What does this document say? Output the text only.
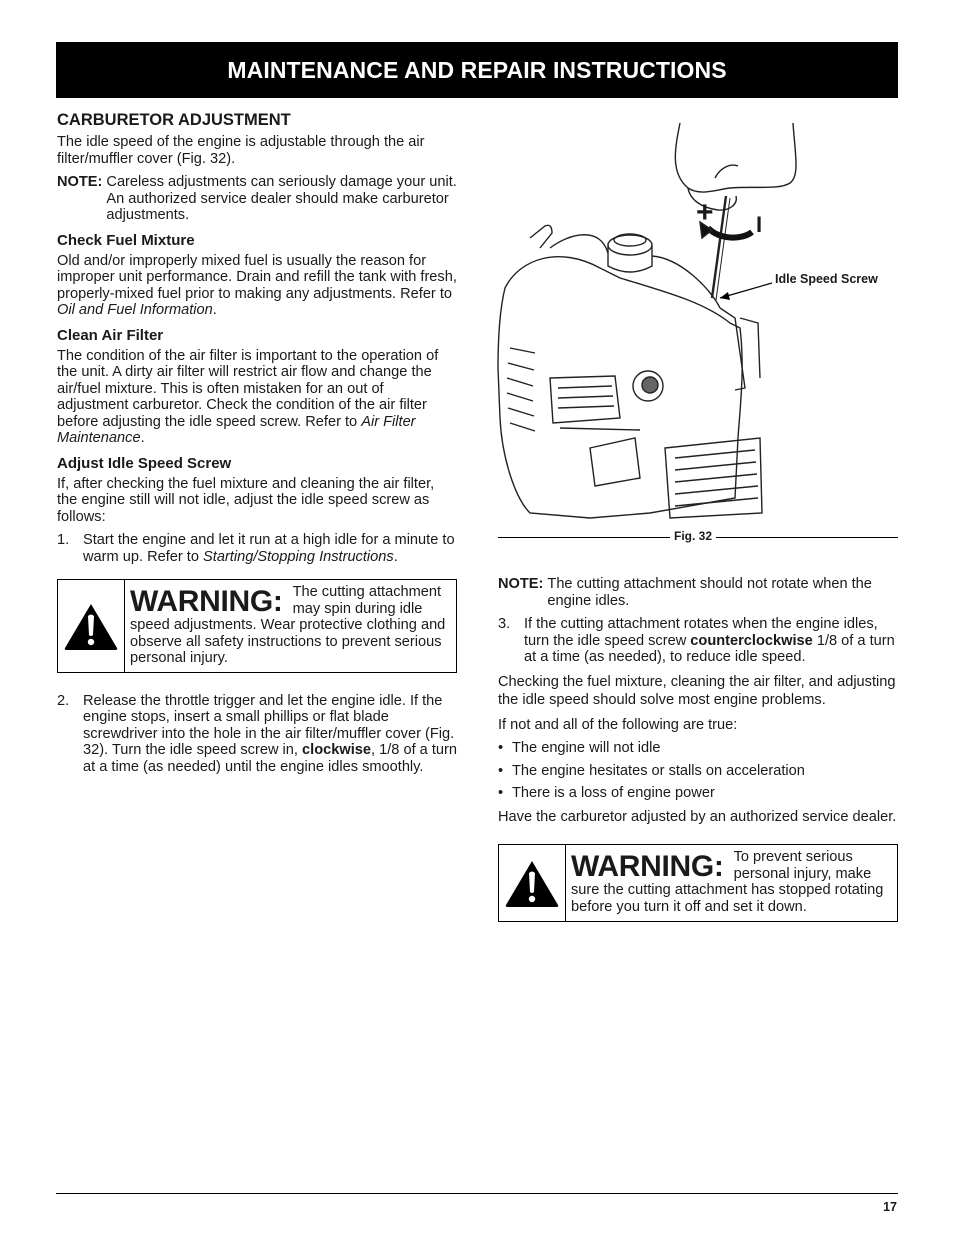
MAINTENANCE AND REPAIR INSTRUCTIONS
CARBURETOR ADJUSTMENT

The idle speed of the engine is adjustable through the air filter/muffler cover (Fig. 32).

NOTE: Careless adjustments can seriously damage your unit. An authorized service dealer should make carburetor adjustments.
Check Fuel Mixture

Old and/or improperly mixed fuel is usually the reason for improper unit performance. Drain and refill the tank with fresh, properly-mixed fuel prior to making any adjustments. Refer to Oil and Fuel Information.

Clean Air Filter

The condition of the air filter is important to the operation of the unit. A dirty air filter will restrict air flow and change the air/fuel mixture. This is often mistaken for an out of adjustment carburetor. Check the condition of the air filter before adjusting the idle speed screw. Refer to Air Filter Maintenance.

Adjust Idle Speed Screw

If, after checking the fuel mixture and cleaning the air filter, the engine still will not idle, adjust the idle speed screw as follows:

1. Start the engine and let it run at a high idle for a minute to warm up. Refer to Starting/Stopping Instructions.
WARNING: The cutting attachment may spin during idle speed adjustments. Wear protective clothing and observe all safety instructions to prevent serious personal injury.
2. Release the throttle trigger and let the engine idle. If the engine stops, insert a small phillips or flat blade screwdriver into the hole in the air filter/muffler cover (Fig. 32). Turn the idle speed screw in, clockwise, 1/8 of a turn at a time (as needed) until the engine idles smoothly.
+ I
Idle Speed Screw
Fig. 32
NOTE: The cutting attachment should not rotate when the engine idles.
3. If the cutting attachment rotates when the engine idles, turn the idle speed screw counterclockwise 1/8 of a turn at a time (as needed), to reduce idle speed.

Checking the fuel mixture, cleaning the air filter, and adjusting the idle speed should solve most engine problems.

If not and all of the following are true:

• The engine will not idle
• The engine hesitates or stalls on acceleration
• There is a loss of engine power

Have the carburetor adjusted by an authorized service dealer.

WARNING: To prevent serious personal injury, make sure the cutting attachment has stopped rotating before you turn it off and set it down.
17
